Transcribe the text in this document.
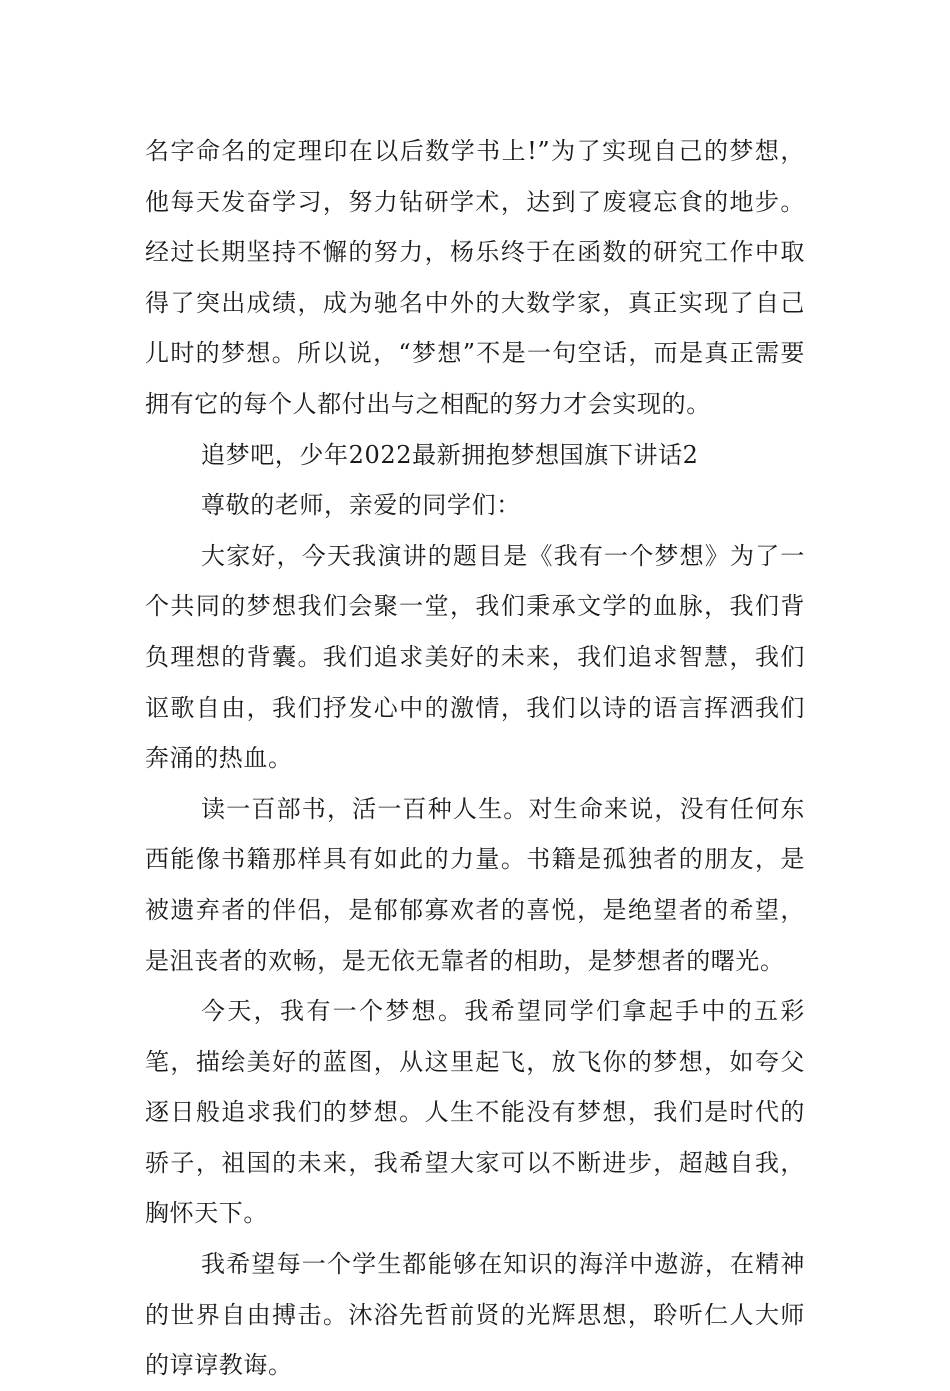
名字命名的定理印在以后数学书上!”为了实现自己的梦想，他每天发奋学习，努力钻研学术，达到了废寝忘食的地步。经过长期坚持不懈的努力，杨乐终于在函数的研究工作中取得了突出成绩，成为驰名中外的大数学家，真正实现了自己儿时的梦想。所以说，“梦想”不是一句空话，而是真正需要拥有它的每个人都付出与之相配的努力才会实现的。

追梦吧，少年2022最新拥抱梦想国旗下讲话2

尊敬的老师，亲爱的同学们：

大家好，今天我演讲的题目是《我有一个梦想》为了一个共同的梦想我们会聚一堂，我们秉承文学的血脉，我们背负理想的背囊。我们追求美好的未来，我们追求智慧，我们讴歌自由，我们抒发心中的激情，我们以诗的语言挥洒我们奔涌的热血。

读一百部书，活一百种人生。对生命来说，没有任何东西能像书籍那样具有如此的力量。书籍是孤独者的朋友，是被遗弃者的伴侣，是郁郁寡欢者的喜悦，是绝望者的希望，是沮丧者的欢畅，是无依无靠者的相助，是梦想者的曙光。

今天，我有一个梦想。我希望同学们拿起手中的五彩笔，描绘美好的蓝图，从这里起飞，放飞你的梦想，如夸父逐日般追求我们的梦想。人生不能没有梦想，我们是时代的骄子，祖国的未来，我希望大家可以不断进步，超越自我，胸怀天下。

我希望每一个学生都能够在知识的海洋中遨游，在精神的世界自由搏击。沐浴先哲前贤的光辉思想，聆听仁人大师的谆谆教诲。
